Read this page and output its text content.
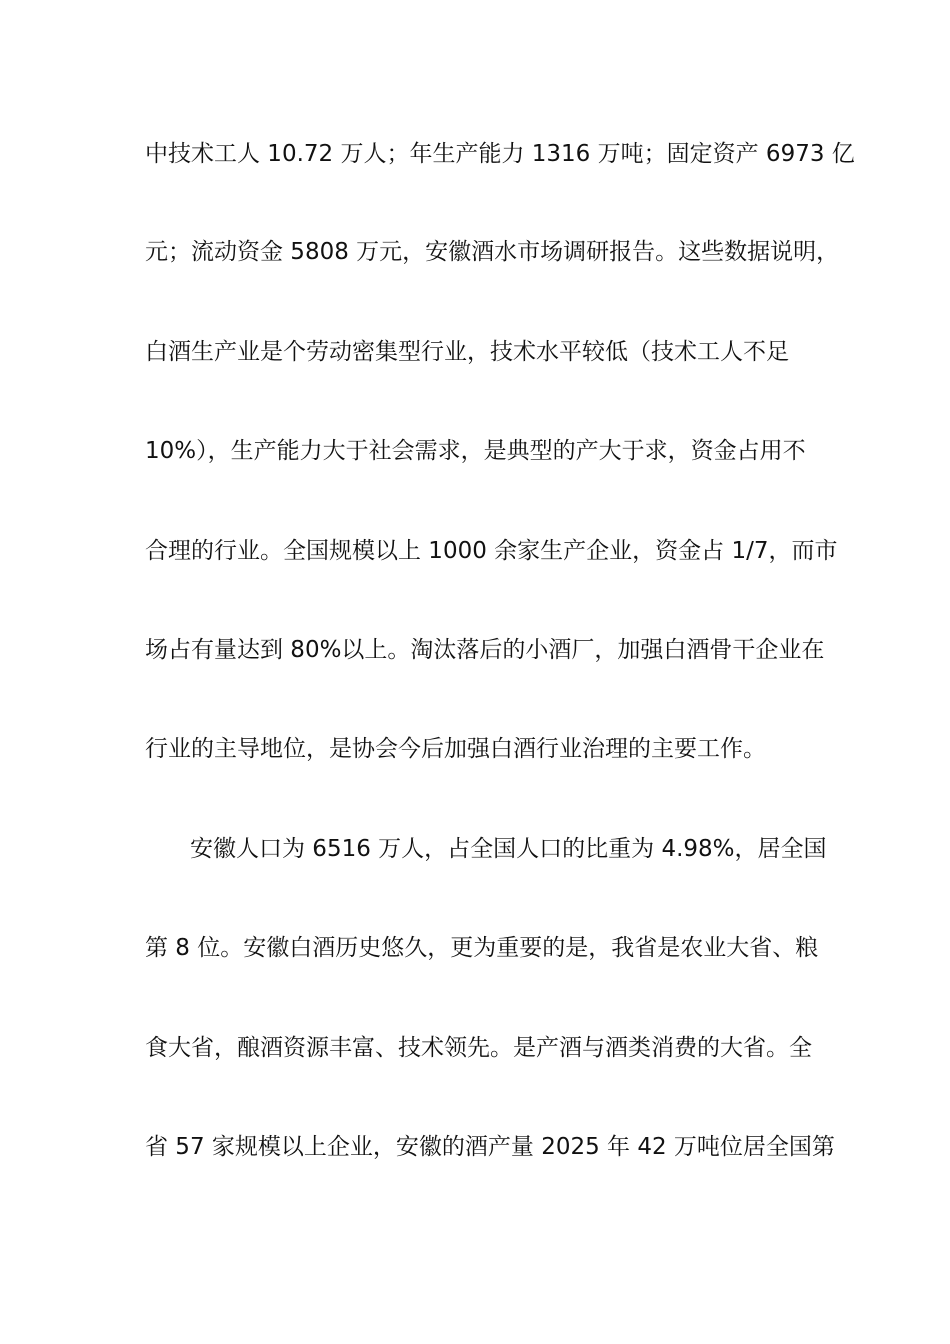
中技术工人 10.72 万人；年生产能力 1316 万吨；固定资产 6973 亿
元；流动资金 5808 万元，安徽酒水市场调研报告。这些数据说明，
白酒生产业是个劳动密集型行业，技术水平较低（技术工人不足
10%），生产能力大于社会需求，是典型的产大于求，资金占用不
合理的行业。全国规模以上 1000 余家生产企业，资金占 1/7，而市
场占有量达到 80%以上。淘汰落后的小酒厂，加强白酒骨干企业在
行业的主导地位，是协会今后加强白酒行业治理的主要工作。
安徽人口为 6516 万人，占全国人口的比重为 4.98%，居全国
第 8 位。安徽白酒历史悠久，更为重要的是，我省是农业大省、粮
食大省，酿酒资源丰富、技术领先。是产酒与酒类消费的大省。全
省 57 家规模以上企业，安徽的酒产量 2025 年 42 万吨位居全国第
